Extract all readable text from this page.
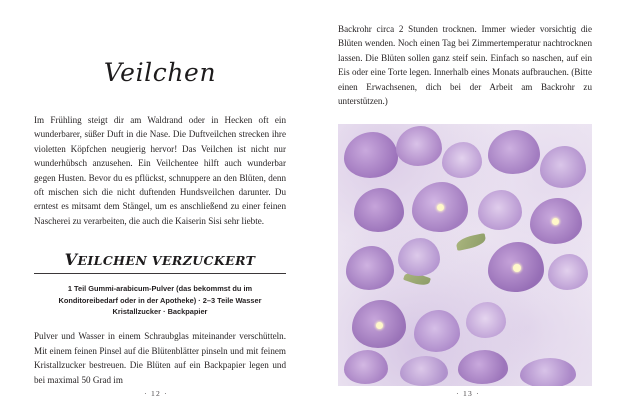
Veilchen

Im Frühling steigt dir am Waldrand oder in Hecken oft ein wunderbarer, süßer Duft in die Nase. Die Duftveilchen strecken ihre violetten Köpfchen neugierig hervor! Das Veilchen ist nicht nur wunderhübsch anzusehen. Ein Veilchentee hilft auch wunderbar gegen Husten. Bevor du es pflückst, schnuppere an den Blüten, denn oft mischen sich die nicht duftenden Hundsveilchen darunter. Du erntest es mitsamt dem Stängel, um es anschließend zu einer feinen Nascherei zu verarbeiten, die auch die Kaiserin Sisi sehr liebte.

VEILCHEN VERZUCKERT

1 Teil Gummi-arabicum-Pulver (das bekommst du im Konditoreibedarf oder in der Apotheke) · 2–3 Teile Wasser Kristallzucker · Backpapier

Pulver und Wasser in einem Schraubglas miteinander verschütteln. Mit einem feinen Pinsel auf die Blütenblätter pinseln und mit feinem Kristallzucker bestreuen. Die Blüten auf ein Backpapier legen und bei maximal 50 Grad im

· 12 ·

Backrohr circa 2 Stunden trocknen. Immer wieder vorsichtig die Blüten wenden. Noch einen Tag bei Zimmertemperatur nachtrocknen lassen. Die Blüten sollen ganz steif sein. Einfach so naschen, auf ein Eis oder eine Torte legen. Innerhalb eines Monats aufbrauchen. (Bitte einen Erwachsenen, dich bei der Arbeit am Backrohr zu unterstützen.)

· 13 ·
